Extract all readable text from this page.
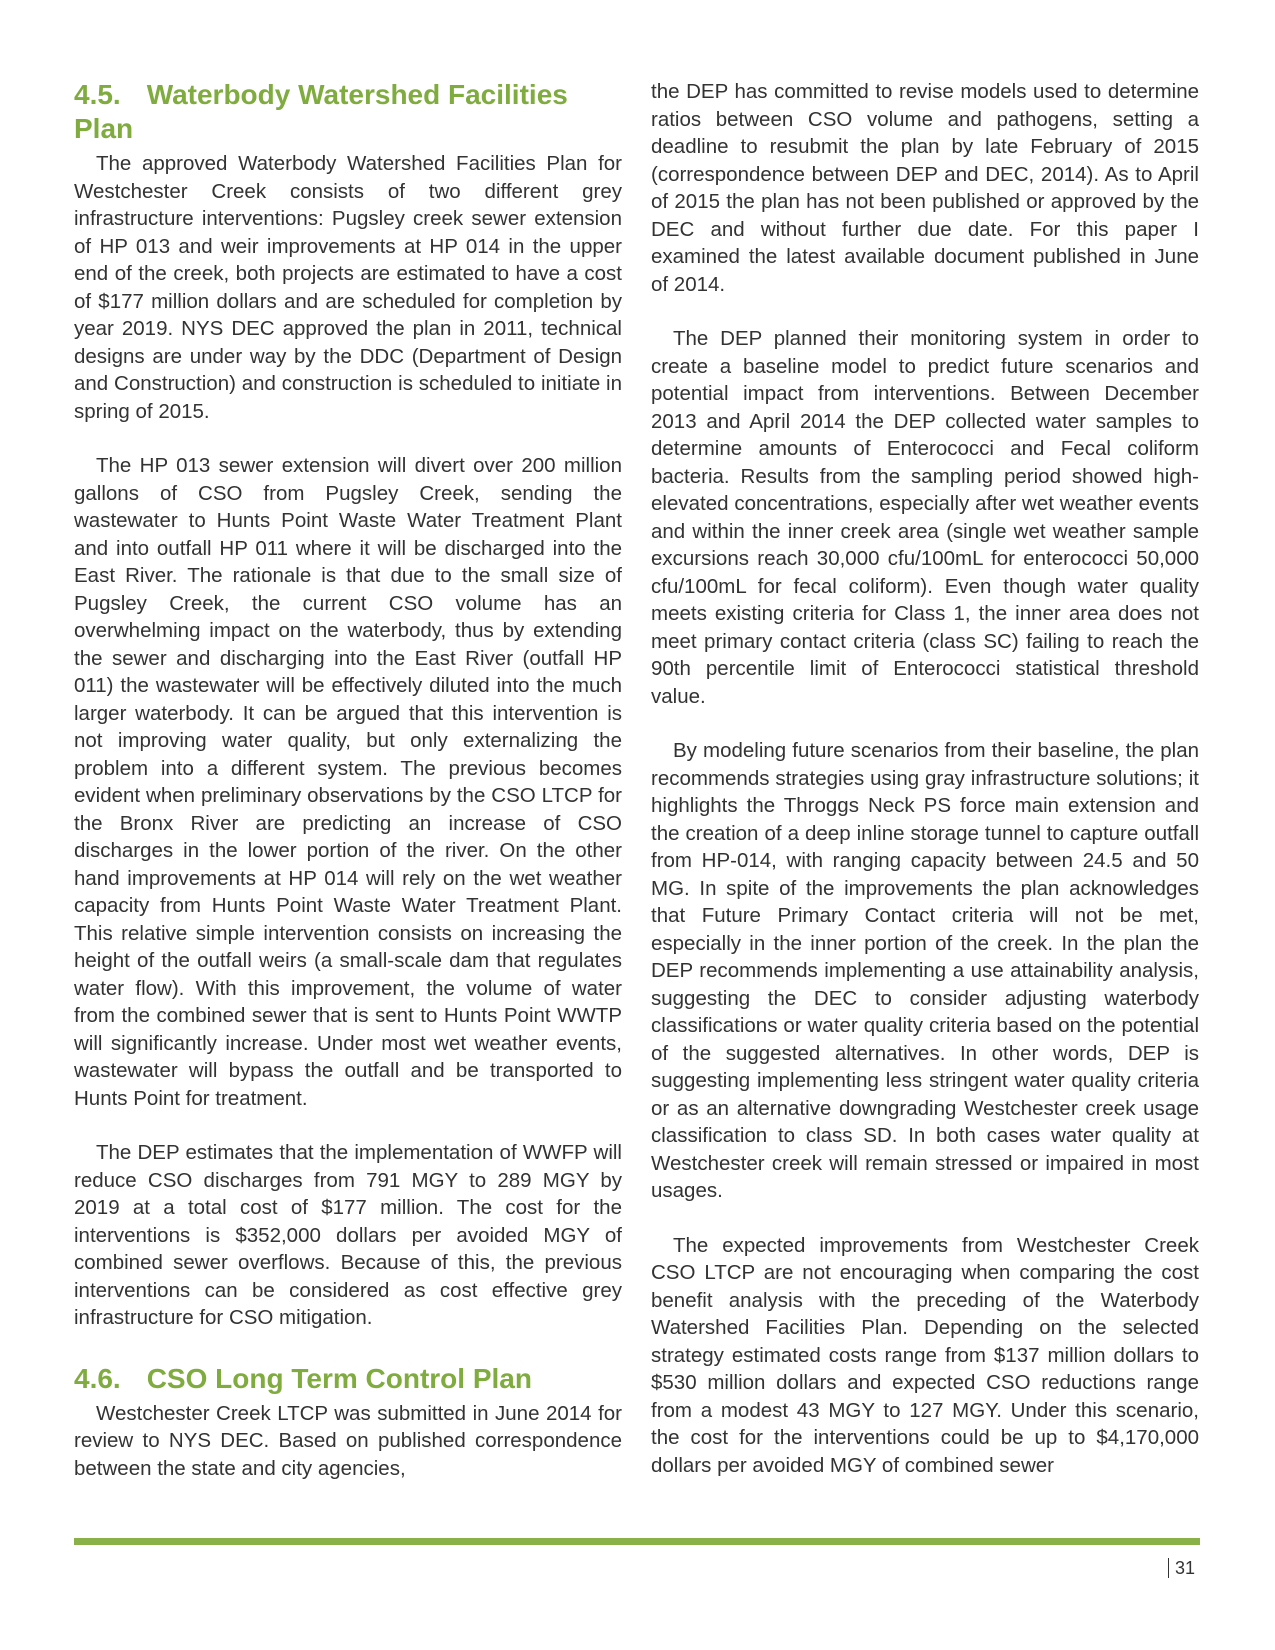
4.5. Waterbody Watershed Facilities Plan

The approved Waterbody Watershed Facilities Plan for Westchester Creek consists of two different grey infrastructure interventions: Pugsley creek sewer extension of HP 013 and weir improvements at HP 014 in the upper end of the creek, both projects are estimated to have a cost of $177 million dollars and are scheduled for completion by year 2019. NYS DEC approved the plan in 2011, technical designs are under way by the DDC (Department of Design and Construction) and construction is scheduled to initiate in spring of 2015.

The HP 013 sewer extension will divert over 200 million gallons of CSO from Pugsley Creek, sending the wastewater to Hunts Point Waste Water Treatment Plant and into outfall HP 011 where it will be discharged into the East River. The rationale is that due to the small size of Pugsley Creek, the current CSO volume has an overwhelming impact on the waterbody, thus by extending the sewer and discharging into the East River (outfall HP 011) the wastewater will be effectively diluted into the much larger waterbody. It can be argued that this intervention is not improving water quality, but only externalizing the problem into a different system. The previous becomes evident when preliminary observations by the CSO LTCP for the Bronx River are predicting an increase of CSO discharges in the lower portion of the river. On the other hand improvements at HP 014 will rely on the wet weather capacity from Hunts Point Waste Water Treatment Plant. This relative simple intervention consists on increasing the height of the outfall weirs (a small-scale dam that regulates water flow). With this improvement, the volume of water from the combined sewer that is sent to Hunts Point WWTP will significantly increase. Under most wet weather events, wastewater will bypass the outfall and be transported to Hunts Point for treatment.

The DEP estimates that the implementation of WWFP will reduce CSO discharges from 791 MGY to 289 MGY by 2019 at a total cost of $177 million. The cost for the interventions is $352,000 dollars per avoided MGY of combined sewer overflows. Because of this, the previous interventions can be considered as cost effective grey infrastructure for CSO mitigation.

4.6. CSO Long Term Control Plan

Westchester Creek LTCP was submitted in June 2014 for review to NYS DEC. Based on published correspondence between the state and city agencies,

the DEP has committed to revise models used to determine ratios between CSO volume and pathogens, setting a deadline to resubmit the plan by late February of 2015 (correspondence between DEP and DEC, 2014). As to April of 2015 the plan has not been published or approved by the DEC and without further due date. For this paper I examined the latest available document published in June of 2014.

The DEP planned their monitoring system in order to create a baseline model to predict future scenarios and potential impact from interventions. Between December 2013 and April 2014 the DEP collected water samples to determine amounts of Enterococci and Fecal coliform bacteria. Results from the sampling period showed high-elevated concentrations, especially after wet weather events and within the inner creek area (single wet weather sample excursions reach 30,000 cfu/100mL for enterococci 50,000 cfu/100mL for fecal coliform). Even though water quality meets existing criteria for Class 1, the inner area does not meet primary contact criteria (class SC) failing to reach the 90th percentile limit of Enterococci statistical threshold value.

By modeling future scenarios from their baseline, the plan recommends strategies using gray infrastructure solutions; it highlights the Throggs Neck PS force main extension and the creation of a deep inline storage tunnel to capture outfall from HP-014, with ranging capacity between 24.5 and 50 MG. In spite of the improvements the plan acknowledges that Future Primary Contact criteria will not be met, especially in the inner portion of the creek. In the plan the DEP recommends implementing a use attainability analysis, suggesting the DEC to consider adjusting waterbody classifications or water quality criteria based on the potential of the suggested alternatives. In other words, DEP is suggesting implementing less stringent water quality criteria or as an alternative downgrading Westchester creek usage classification to class SD. In both cases water quality at Westchester creek will remain stressed or impaired in most usages.

The expected improvements from Westchester Creek CSO LTCP are not encouraging when comparing the cost benefit analysis with the preceding of the Waterbody Watershed Facilities Plan. Depending on the selected strategy estimated costs range from $137 million dollars to $530 million dollars and expected CSO reductions range from a modest 43 MGY to 127 MGY. Under this scenario, the cost for the interventions could be up to $4,170,000 dollars per avoided MGY of combined sewer

31
